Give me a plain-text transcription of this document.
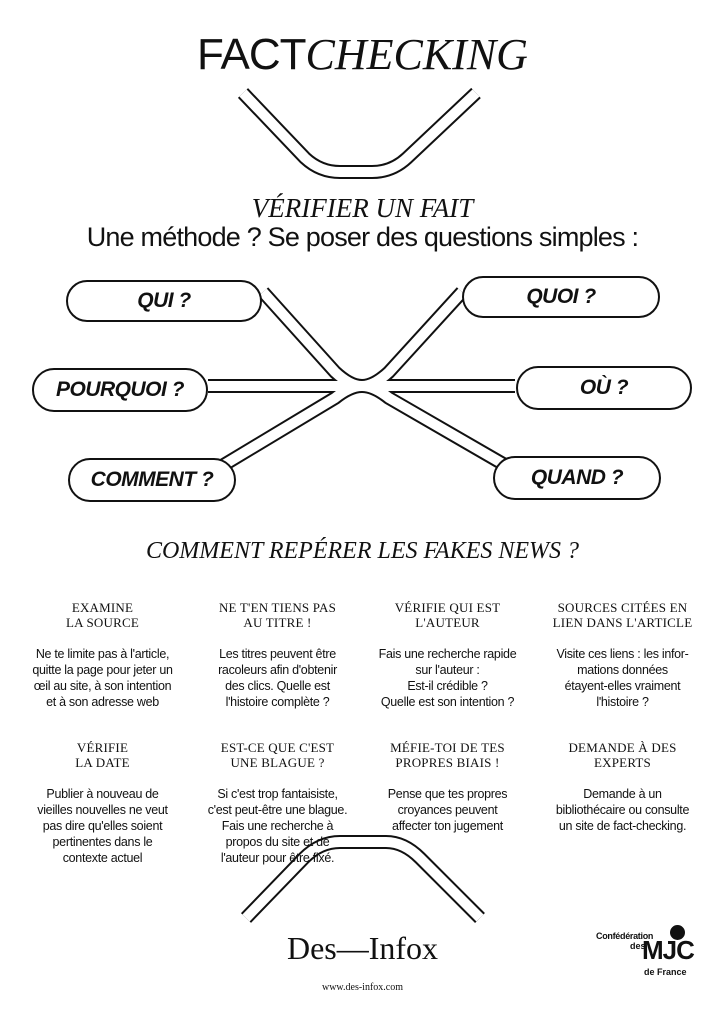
FACTCHECKING
VÉRIFIER UN FAIT
Une méthode ? Se poser des questions simples :
QUI ?	QUOI ?
POURQUOI ?	OÙ ?
COMMENT ?	QUAND ?
COMMENT REPÉRER LES FAKES NEWS ?
EXAMINE
LA SOURCE
Ne te limite pas à l'article,
quitte la page pour jeter un
œil au site, à son intention
et à son adresse web
NE T'EN TIENS PAS
AU TITRE !
Les titres peuvent être
racoleurs afin d'obtenir
des clics. Quelle est
l'histoire complète ?
VÉRIFIE QUI EST
L'AUTEUR
Fais une recherche rapide
sur l'auteur :
Est-il crédible ?
Quelle est son intention ?
SOURCES CITÉES EN
LIEN DANS L'ARTICLE
Visite ces liens : les infor-
mations données
étayent-elles vraiment
l'histoire ?
VÉRIFIE
LA DATE
Publier à nouveau de
vieilles nouvelles ne veut
pas dire qu'elles soient
pertinentes dans le
contexte actuel
EST-CE QUE C'EST
UNE BLAGUE ?
Si c'est trop fantaisiste,
c'est peut-être une blague.
Fais une recherche à
propos du site et de
l'auteur pour être fixé.
MÉFIE-TOI DE TES
PROPRES BIAIS !
Pense que tes propres
croyances peuvent
affecter ton jugement
DEMANDE À DES
EXPERTS
Demande à un
bibliothécaire ou consulte
un site de fact-checking.
Des—Infox
www.des-infox.com
Confédération
des
MJC
de France
